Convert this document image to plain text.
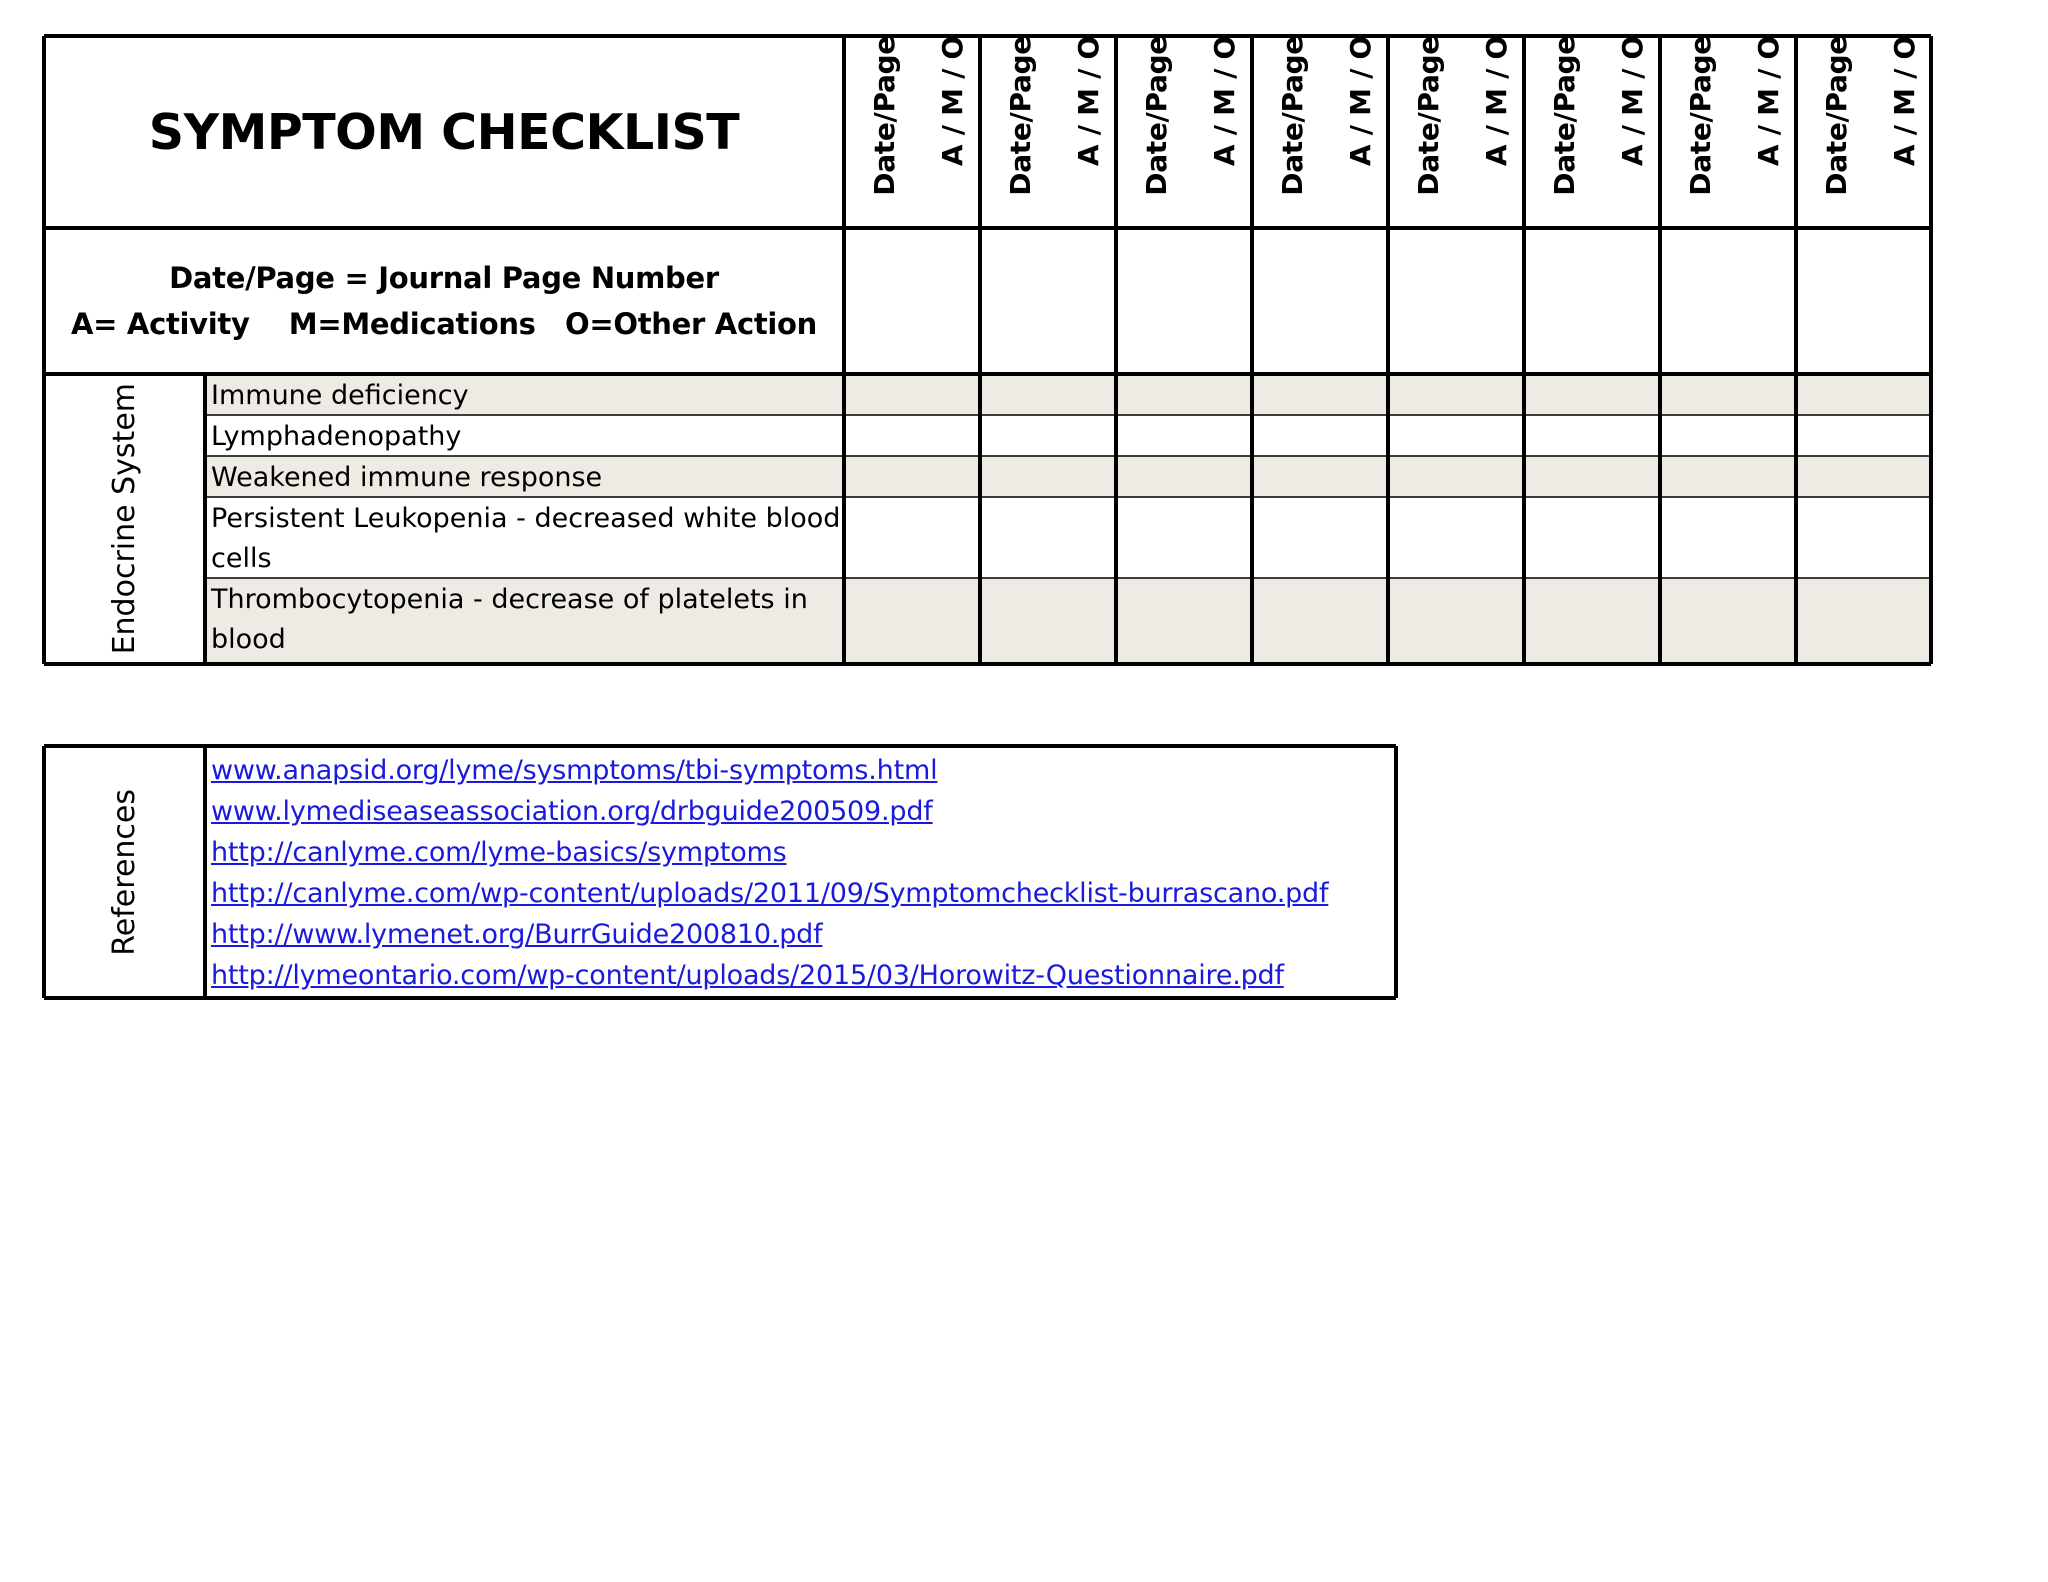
SYMPTOM CHECKLIST
Date/Page = Journal Page Number
A= Activity    M=Medications   O=Other Action
Endocrine System
Date/Page A / M / O Date/Page A / M / O Date/Page A / M / O Date/Page A / M / O Date/Page A / M / O Date/Page A / M / O Date/Page A / M / O Date/Page A / M / O
Immune deficiency
Lymphadenopathy
Weakened immune response
Persistent Leukopenia - decreased white blood cells
Thrombocytopenia - decrease of platelets in blood
References
www.anapsid.org/lyme/sysmptoms/tbi-symptoms.html
www.lymediseaseassociation.org/drbguide200509.pdf
http://canlyme.com/lyme-basics/symptoms
http://canlyme.com/wp-content/uploads/2011/09/Symptomchecklist-burrascano.pdf
http://www.lymenet.org/BurrGuide200810.pdf
http://lymeontario.com/wp-content/uploads/2015/03/Horowitz-Questionnaire.pdf
